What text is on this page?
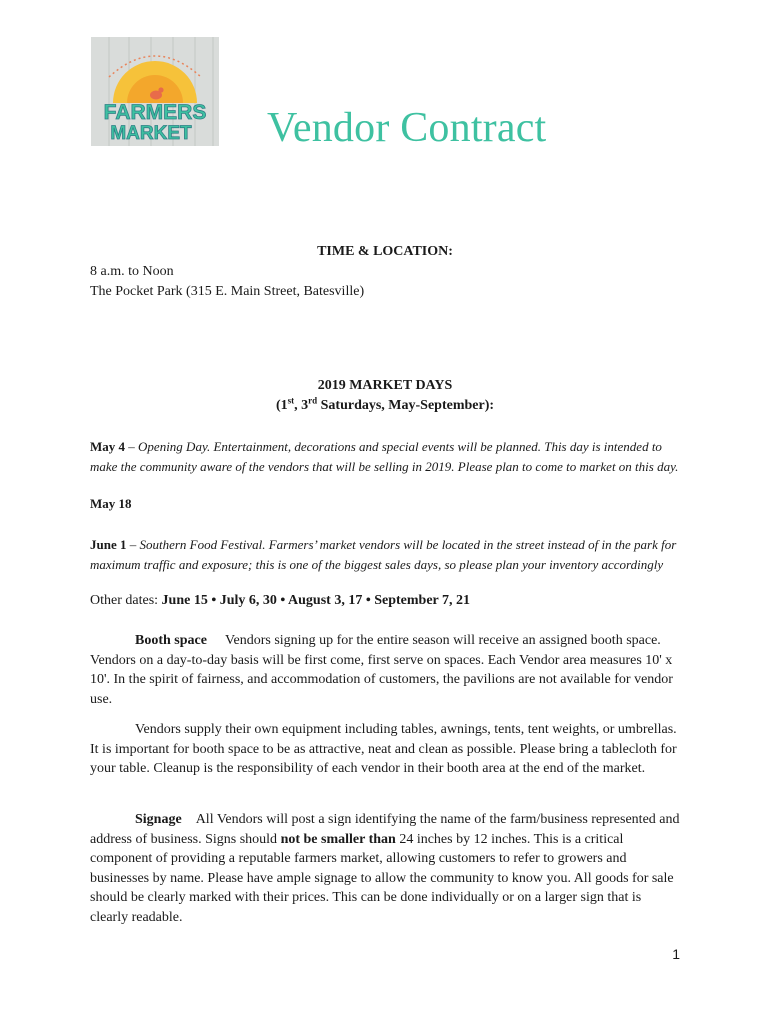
FARMERS
MARKET Vendor Contract
TIME & LOCATION:
8 a.m. to Noon
The Pocket Park (315 E. Main Street, Batesville)
2019 MARKET DAYS
(1st, 3rd Saturdays, May-September):
May 4 – Opening Day. Entertainment, decorations and special events will be planned. This day is intended to make the community aware of the vendors that will be selling in 2019. Please plan to come to market on this day.
May 18
June 1 – Southern Food Festival. Farmers’ market vendors will be located in the street instead of in the park for maximum traffic and exposure; this is one of the biggest sales days, so please plan your inventory accordingly
Other dates: June 15 • July 6, 30 • August 3, 17 • September 7, 21
Booth space Vendors signing up for the entire season will receive an assigned booth space. Vendors on a day-to-day basis will be first come, first serve on spaces. Each Vendor area measures 10' x 10'. In the spirit of fairness, and accommodation of customers, the pavilions are not available for vendor use.
Vendors supply their own equipment including tables, awnings, tents, tent weights, or umbrellas. It is important for booth space to be as attractive, neat and clean as possible. Please bring a tablecloth for your table. Cleanup is the responsibility of each vendor in their booth area at the end of the market.
Signage All Vendors will post a sign identifying the name of the farm/business represented and address of business. Signs should not be smaller than 24 inches by 12 inches. This is a critical component of providing a reputable farmers market, allowing customers to refer to growers and businesses by name. Please have ample signage to allow the community to know you. All goods for sale should be clearly marked with their prices. This can be done individually or on a larger sign that is clearly readable.
1
